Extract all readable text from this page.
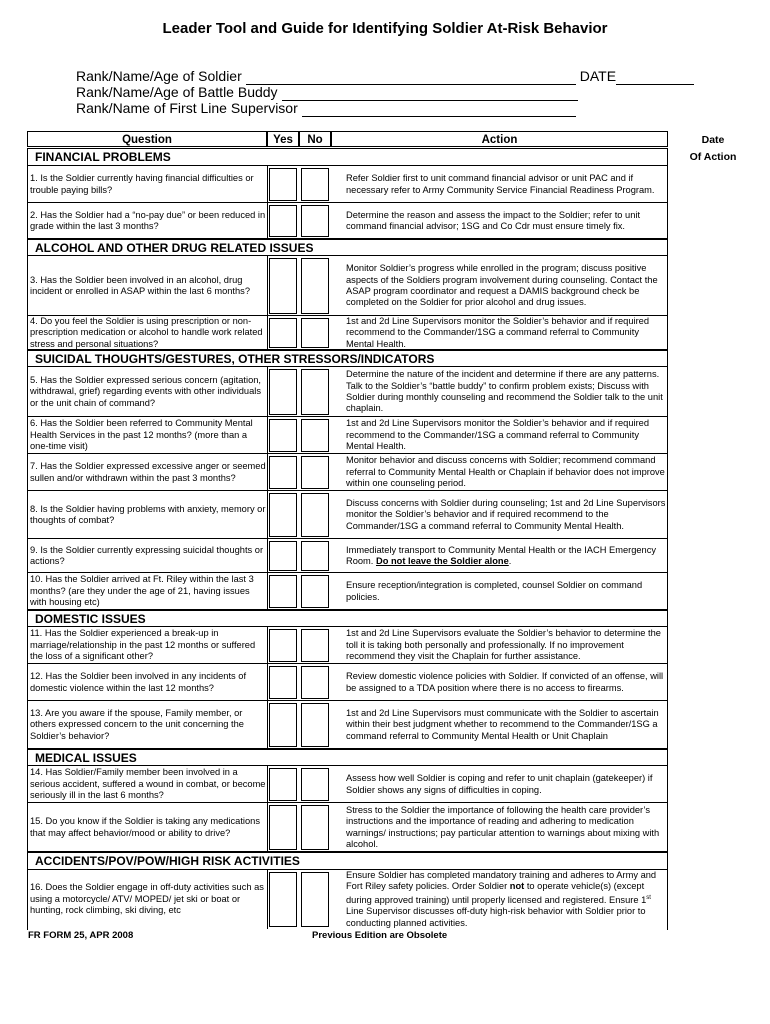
Leader Tool and Guide for Identifying Soldier At-Risk Behavior
Rank/Name/Age of Soldier	DATE
Rank/Name/Age of Battle Buddy
Rank/Name of First Line Supervisor
Date
Of Action
Question	Yes	No	Action
FINANCIAL PROBLEMS
1. Is the Soldier currently having financial difficulties or trouble paying bills?
Refer Soldier first to unit command financial advisor or unit PAC and if necessary refer to Army Community Service Financial Readiness Program.
2. Has the Soldier had a “no-pay due” or been reduced in grade within the last 3 months?
Determine the reason and assess the impact to the Soldier; refer to unit command financial advisor; 1SG and Co Cdr must ensure timely fix.
ALCOHOL AND OTHER DRUG RELATED ISSUES
3. Has the Soldier been involved in an alcohol, drug incident or enrolled in ASAP within the last 6 months?
Monitor Soldier’s progress while enrolled in the program; discuss positive aspects of the Soldiers program involvement during counseling. Contact the ASAP program coordinator and request a DAMIS background check be completed on the Soldier for prior alcohol and drug issues.
4. Do you feel the Soldier is using prescription or non-prescription medication or alcohol to handle work related stress and personal situations?
1st and 2d Line Supervisors monitor the Soldier’s behavior and if required recommend to the Commander/1SG a command referral to Community Mental Health.
SUICIDAL THOUGHTS/GESTURES, OTHER STRESSORS/INDICATORS
5. Has the Soldier expressed serious concern (agitation, withdrawal, grief) regarding events with other individuals or the unit chain of command?
Determine the nature of the incident and determine if there are any patterns. Talk to the Soldier’s “battle buddy” to confirm problem exists; Discuss with Soldier during monthly counseling and recommend the Soldier talk to the unit chaplain.
6. Has the Soldier been referred to Community Mental Health Services in the past 12 months? (more than a one-time visit)
1st and 2d Line Supervisors monitor the Soldier’s behavior and if required recommend to the Commander/1SG a command referral to Community Mental Health.
7. Has the Soldier expressed excessive anger or seemed sullen and/or withdrawn within the past 3 months?
Monitor behavior and discuss concerns with Soldier; recommend command referral to Community Mental Health or Chaplain if behavior does not improve within one counseling period.
8. Is the Soldier having problems with anxiety, memory or thoughts of combat?
Discuss concerns with Soldier during counseling; 1st and 2d Line Supervisors monitor the Soldier’s behavior and if required recommend to the Commander/1SG a command referral to Community Mental Health.
9. Is the Soldier currently expressing suicidal thoughts or actions?
Immediately transport to Community Mental Health or the IACH Emergency Room. Do not leave the Soldier alone.
10. Has the Soldier arrived at Ft. Riley within the last 3 months? (are they under the age of 21, having issues with housing etc)
Ensure reception/integration is completed, counsel Soldier on command policies.
DOMESTIC ISSUES
11. Has the Soldier experienced a break-up in marriage/relationship in the past 12 months or suffered the loss of a significant other?
1st and 2d Line Supervisors evaluate the Soldier’s behavior to determine the toll it is taking both personally and professionally. If no improvement recommend they visit the Chaplain for further assistance.
12. Has the Soldier been involved in any incidents of domestic violence within the last 12 months?
Review domestic violence policies with Soldier. If convicted of an offense, will be assigned to a TDA position where there is no access to firearms.
13. Are you aware if the spouse, Family member, or others expressed concern to the unit concerning the Soldier’s behavior?
1st and 2d Line Supervisors must communicate with the Soldier to ascertain within their best judgment whether to recommend to the Commander/1SG a command referral to Community Mental Health or Unit Chaplain
MEDICAL ISSUES
14. Has Soldier/Family member been involved in a serious accident, suffered a wound in combat, or become seriously ill in the last 6 months?
Assess how well Soldier is coping and refer to unit chaplain (gatekeeper) if Soldier shows any signs of difficulties in coping.
15. Do you know if the Soldier is taking any medications that may affect behavior/mood or ability to drive?
Stress to the Soldier the importance of following the health care provider’s instructions and the importance of reading and adhering to medication warnings/ instructions; pay particular attention to warnings about mixing with alcohol.
ACCIDENTS/POV/POW/HIGH RISK ACTIVITIES
16. Does the Soldier engage in off-duty activities such as using a motorcycle/ ATV/ MOPED/ jet ski or boat or hunting, rock climbing, ski diving, etc
Ensure Soldier has completed mandatory training and adheres to Army and Fort Riley safety policies. Order Soldier not to operate vehicle(s) (except during approved training) until properly licensed and registered. Ensure 1st Line Supervisor discusses off-duty high-risk behavior with Soldier prior to conducting planned activities.
FR FORM 25, APR 2008	Previous Edition are Obsolete
